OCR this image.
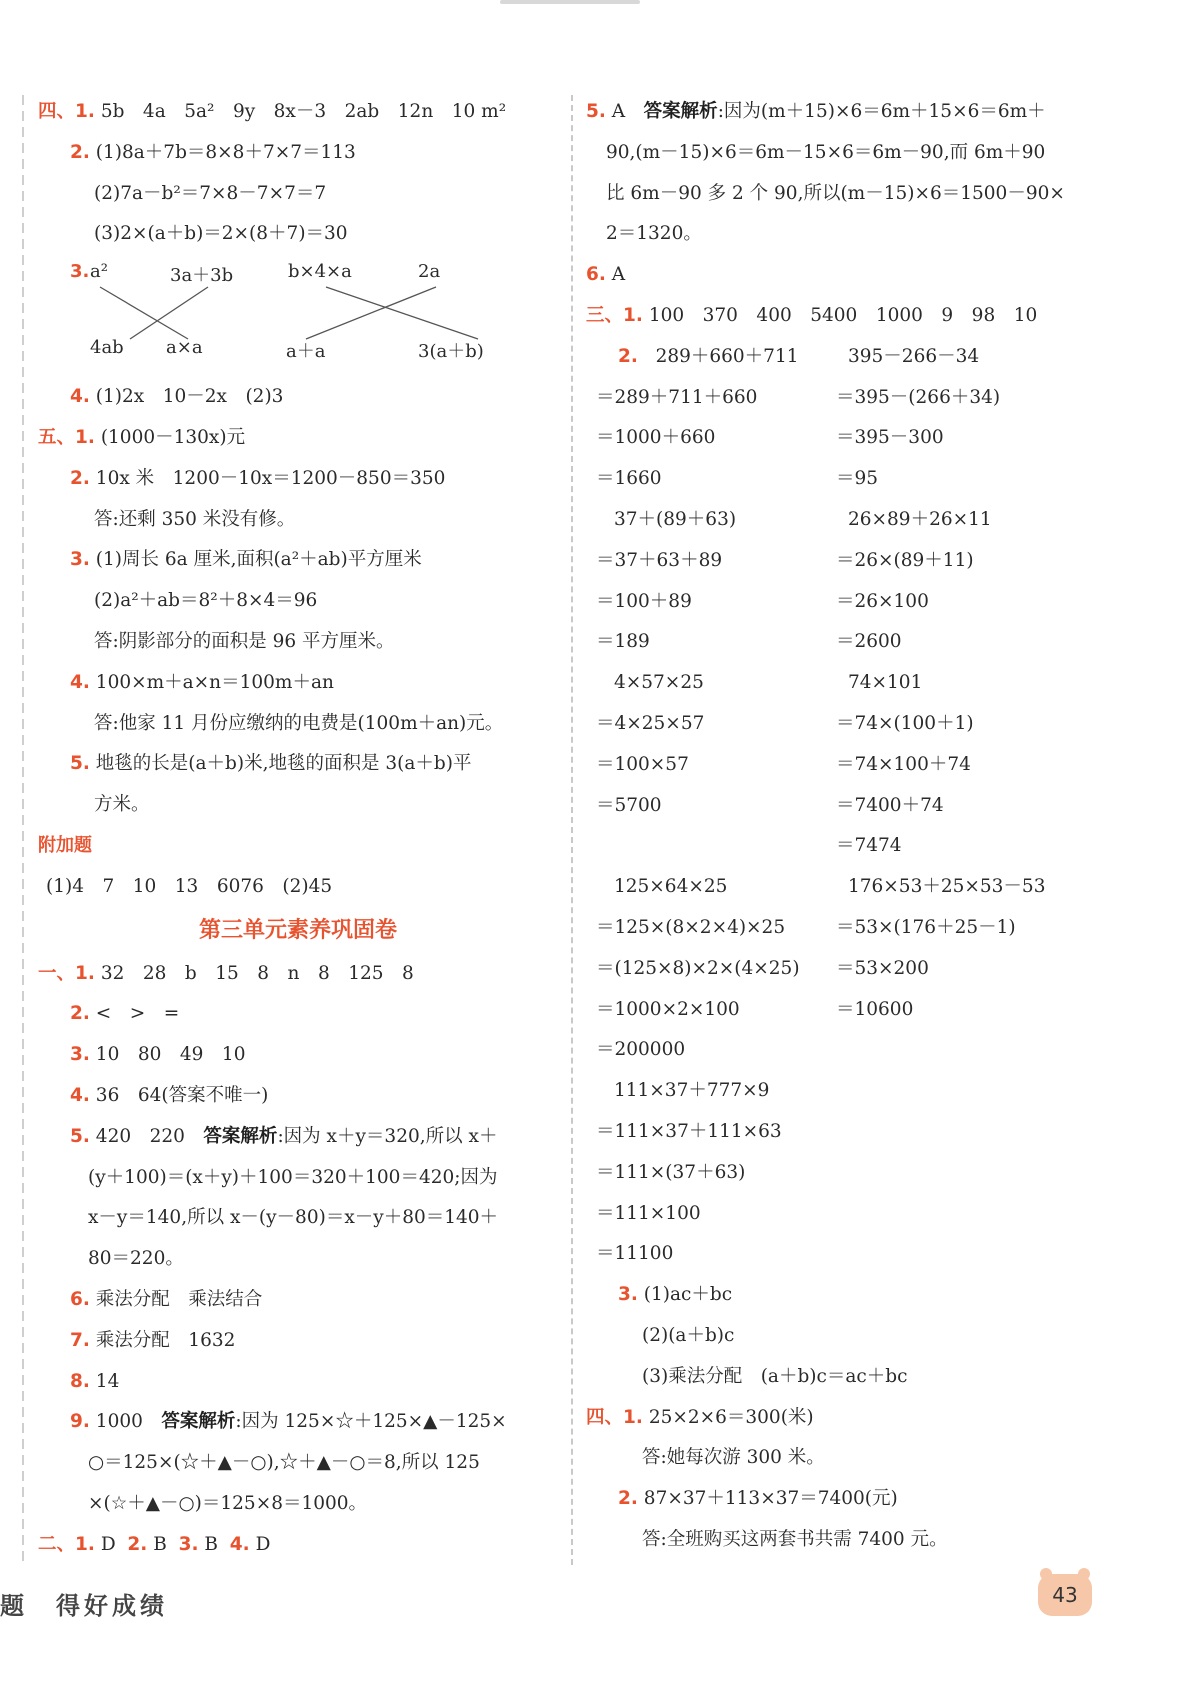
四、1. 5b　4a　5a²　9y　8x－3　2ab　12n　10 m²
2. (1)8a＋7b＝8×8＋7×7＝113
(2)7a－b²＝7×8－7×7＝7
(3)2×(a＋b)＝2×(8＋7)＝30
3. a²	3a＋3b	b×4×a	2a
4ab a×a	a＋a	3(a＋b)
4. (1)2x　10－2x　(2)3
五、1. (1000－130x)元
2. 10x 米　1200－10x＝1200－850＝350
答:还剩 350 米没有修。
3. (1)周长 6a 厘米,面积(a²＋ab)平方厘米
(2)a²＋ab＝8²＋8×4＝96
答:阴影部分的面积是 96 平方厘米。
4. 100×m＋a×n＝100m＋an
答:他家 11 月份应缴纳的电费是(100m＋an)元。
5. 地毯的长是(a＋b)米,地毯的面积是 3(a＋b)平
方米。
附加题
(1)4　7　10　13　6076　(2)45
第三单元素养巩固卷
一、1. 32　28　b　15　8　n　8　125　8
2. <　>　=
3. 10　80　49　10
4. 36　64(答案不唯一)
5. 420　220　答案解析:因为 x＋y＝320,所以 x＋
(y＋100)＝(x＋y)＋100＝320＋100＝420;因为
x－y＝140,所以 x－(y－80)＝x－y＋80＝140＋
80＝220。
6. 乘法分配　乘法结合
7. 乘法分配　1632
8. 14
9. 1000　答案解析:因为 125×☆＋125×▲－125×
○＝125×(☆＋▲－○),☆＋▲－○＝8,所以 125
×(☆＋▲－○)＝125×8＝1000。
二、1. D 2. B 3. B 4. D
5. A　答案解析:因为(m＋15)×6＝6m＋15×6＝6m＋
90,(m－15)×6＝6m－15×6＝6m－90,而 6m＋90
比 6m－90 多 2 个 90,所以(m－15)×6＝1500－90×
2＝1320。
6. A
三、1. 100　370　400　5400　1000　9　98　10
2. 289＋660＋711
＝289＋711＋660
＝1000＋660
＝1660
395－266－34
＝395－(266＋34)
＝395－300
＝95
37＋(89＋63)
＝37＋63＋89
＝100＋89
＝189
26×89＋26×11
＝26×(89＋11)
＝26×100
＝2600
4×57×25
＝4×25×57
＝100×57
＝5700
74×101
＝74×(100＋1)
＝74×100＋74
＝7400＋74
＝7474
125×64×25
＝125×(8×2×4)×25
＝(125×8)×2×(4×25)
＝1000×2×100
＝200000
176×53＋25×53－53
＝53×(176＋25－1)
＝53×200
＝10600
111×37＋777×9
＝111×37＋111×63
＝111×(37＋63)
＝111×100
＝11100
3. (1)ac＋bc
(2)(a＋b)c
(3)乘法分配　(a＋b)c＝ac＋bc
四、1. 25×2×6＝300(米)
答:她每次游 300 米。
2. 87×37＋113×37＝7400(元)
答:全班购买这两套书共需 7400 元。
题　得好成绩	43
